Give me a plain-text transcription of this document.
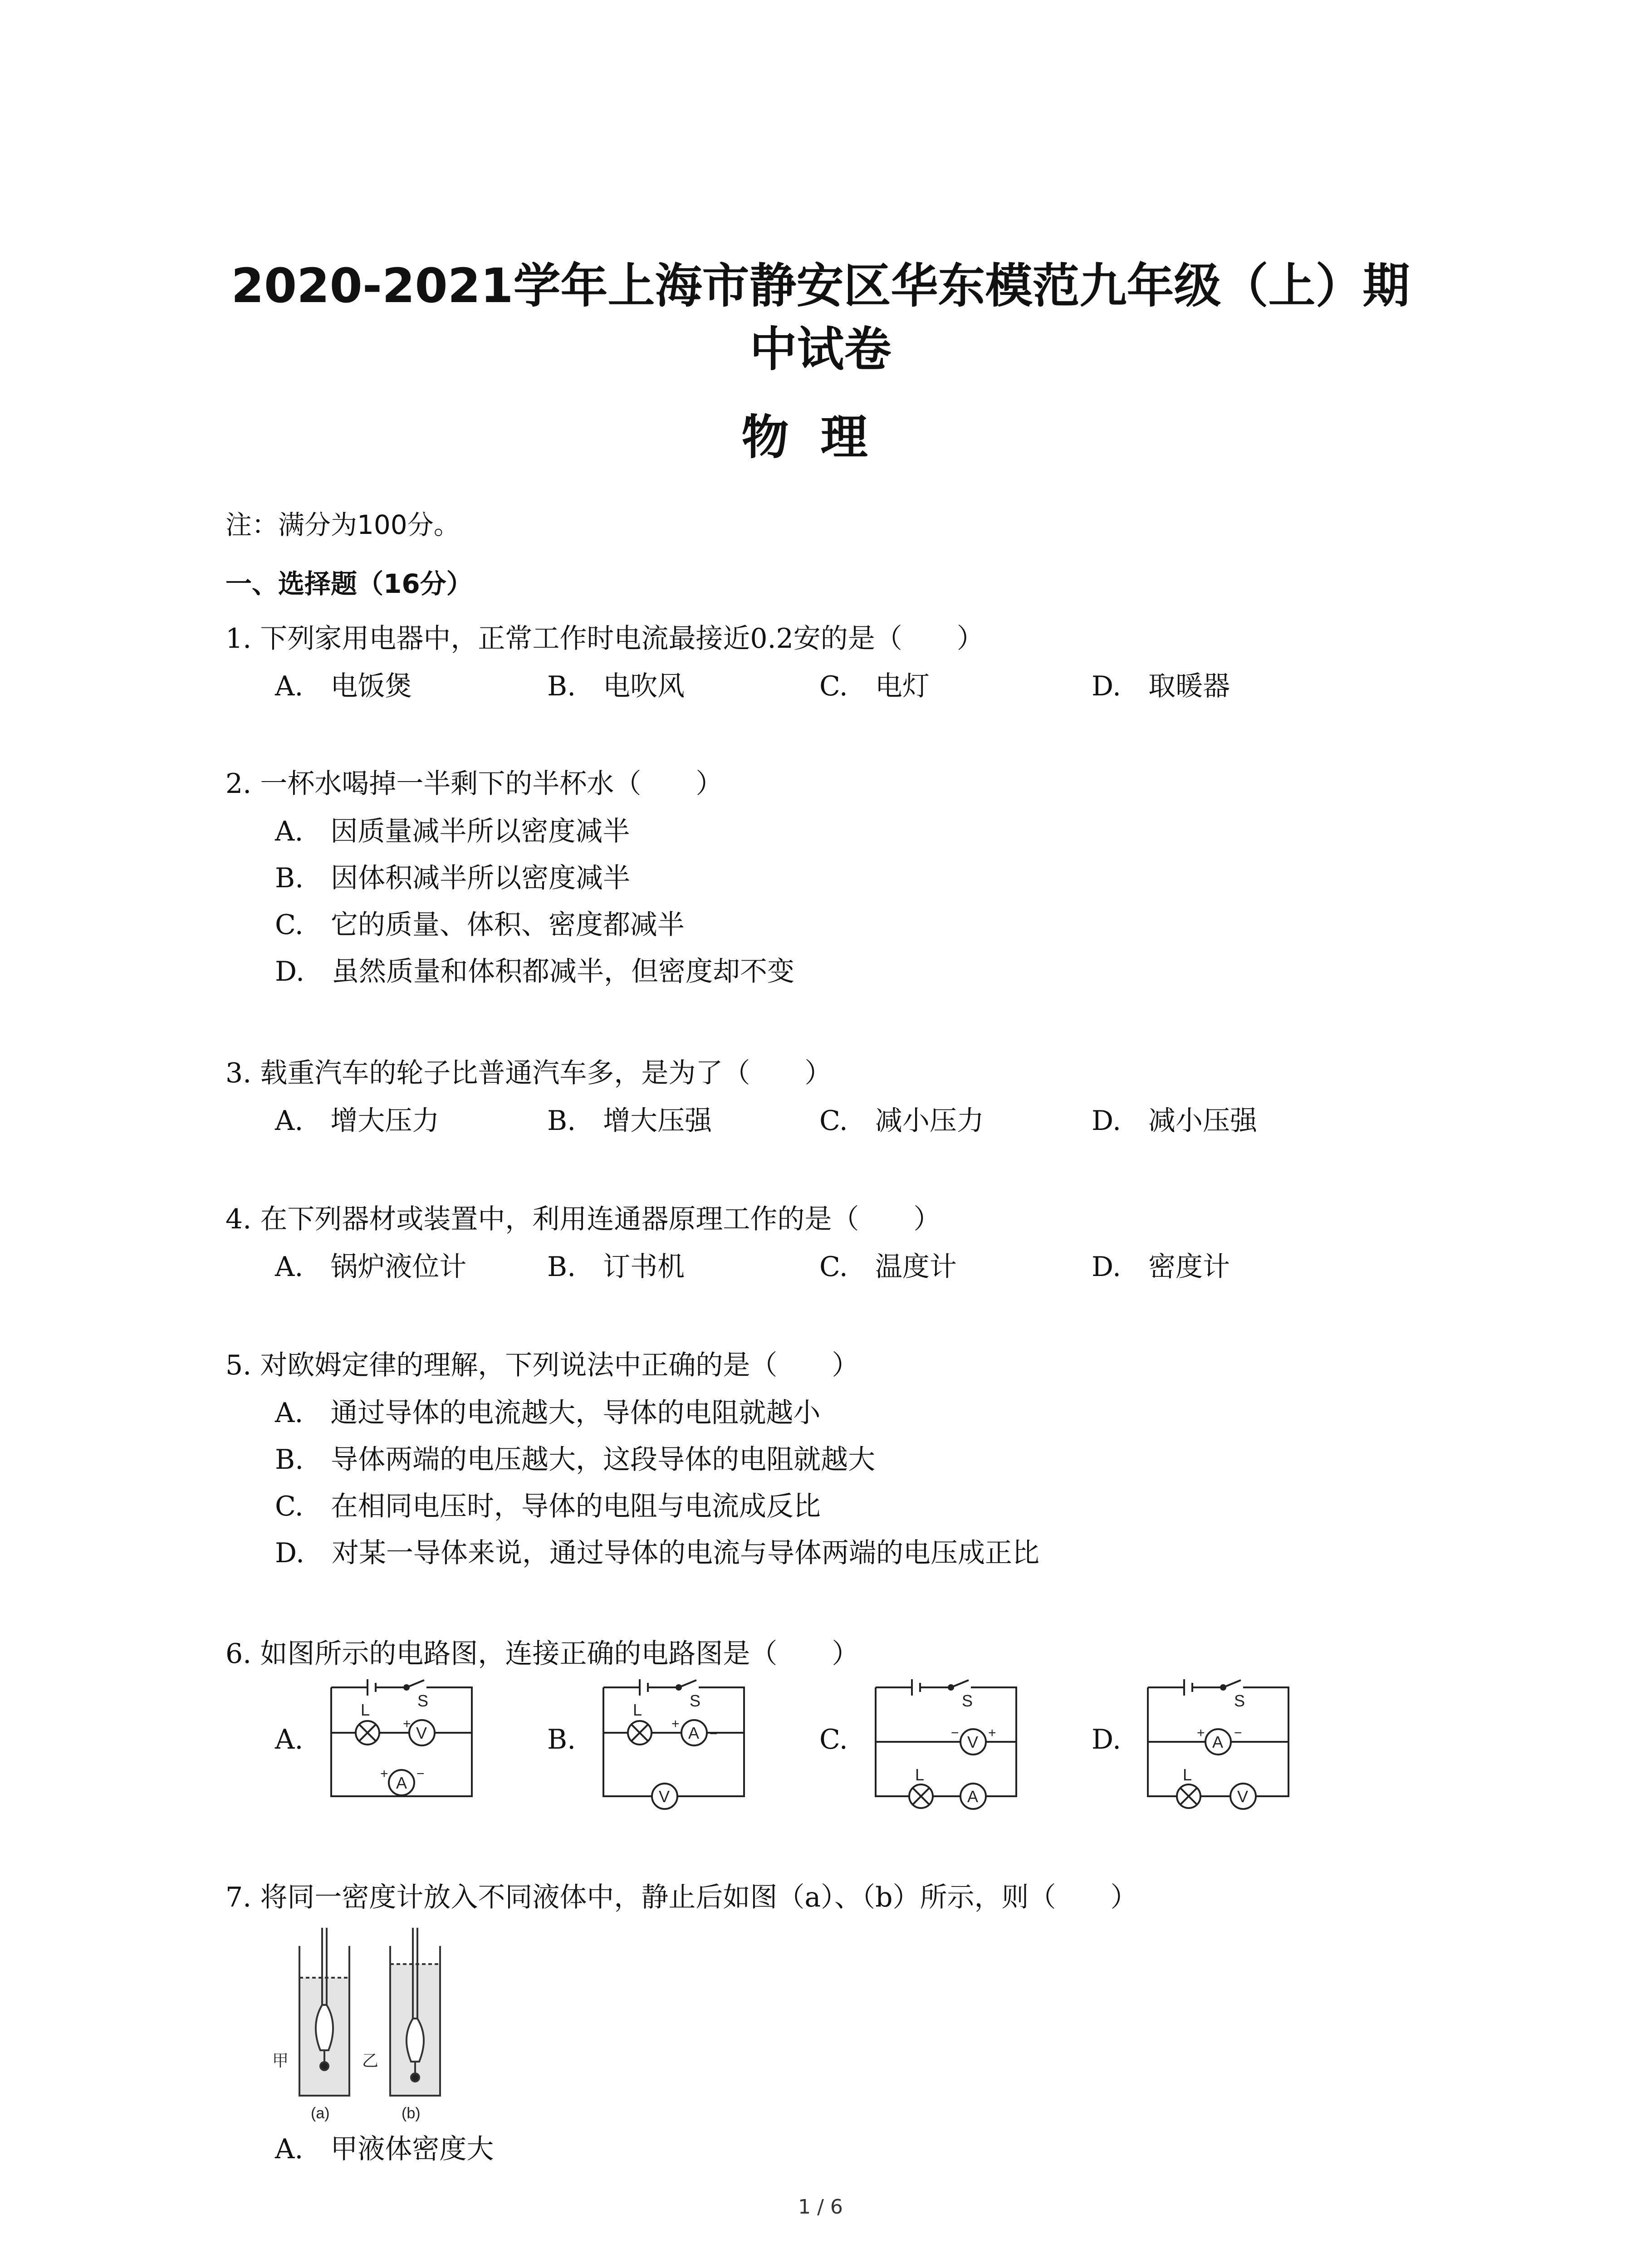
2020-2021学年上海市静安区华东模范九年级（上）期
中试卷
物理
注：满分为100分。
一、选择题（16分）
1. 下列家用电器中，正常工作时电流最接近0.2安的是（　　）
A.　电饭煲	B.　电吹风	C.　电灯	D.　取暖器
2. 一杯水喝掉一半剩下的半杯水（　　）
A.　因质量减半所以密度减半
B.　因体积减半所以密度减半
C.　它的质量、体积、密度都减半
D.　虽然质量和体积都减半，但密度却不变
3. 载重汽车的轮子比普通汽车多，是为了（　　）
A.　增大压力	B.　增大压强	C.　减小压力	D.　减小压强
4. 在下列器材或装置中，利用连通器原理工作的是（　　）
A.　锅炉液位计	B.　订书机	C.　温度计	D.　密度计
5. 对欧姆定律的理解，下列说法中正确的是（　　）
A.　通过导体的电流越大，导体的电阻就越小
B.　导体两端的电压越大，这段导体的电阻就越大
C.　在相同电压时，导体的电阻与电流成反比
D.　对某一导体来说，通过导体的电流与导体两端的电压成正比
6. 如图所示的电路图，连接正确的电路图是（　　）
A.	B.	C.	D.
S
L
V
A
+
+ −
S
L
A
V
+
−
S
V
L
A
− +
S
A
L
V
+ −
7. 将同一密度计放入不同液体中，静止后如图（a）、（b）所示，则（　　）
甲	乙
(a)	(b)
A.　甲液体密度大
1 / 6
